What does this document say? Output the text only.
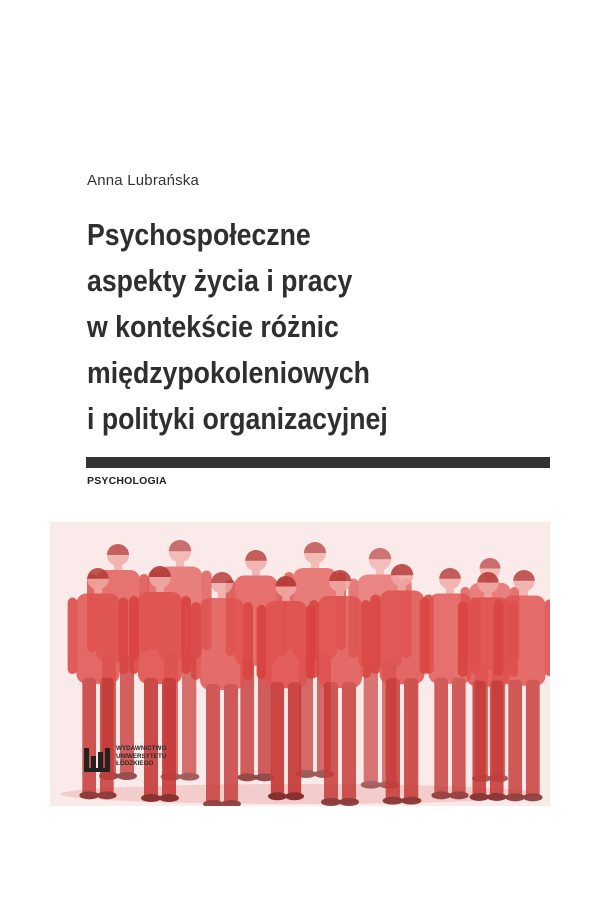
Anna Lubrańska
Psychospołeczne
aspekty życia i pracy
w kontekście różnic
międzypokoleniowych
i polityki organizacyjnej
PSYCHOLOGIA
WYDAWNICTWO
UNIWERSYTETU
ŁÓDZKIEGO
